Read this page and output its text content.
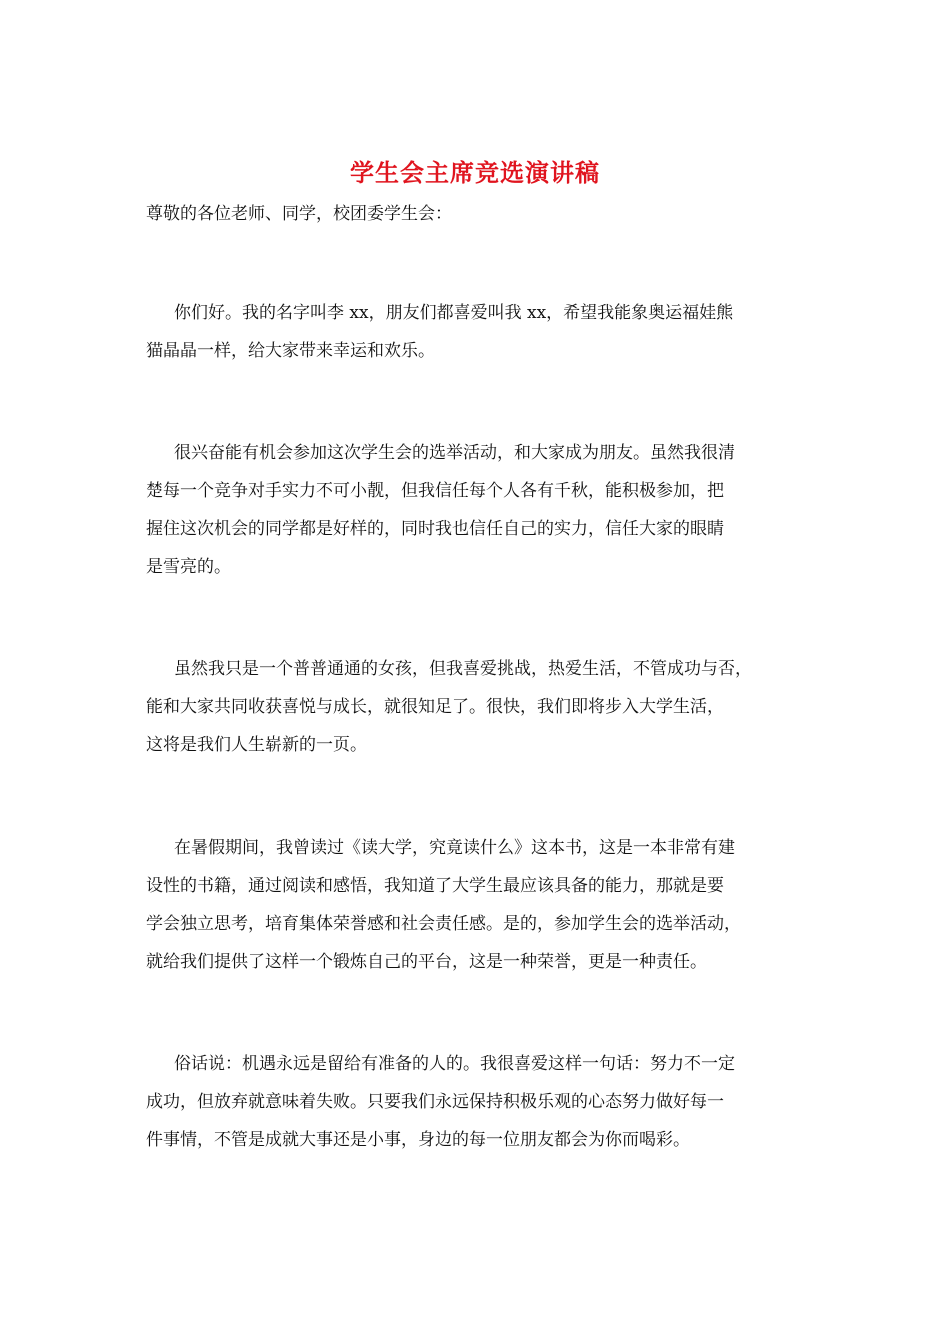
学生会主席竞选演讲稿

尊敬的各位老师、同学，校团委学生会：

你们好。我的名字叫李 xx，朋友们都喜爱叫我 xx，希望我能象奥运福娃熊
猫晶晶一样，给大家带来幸运和欢乐。
很兴奋能有机会参加这次学生会的选举活动，和大家成为朋友。虽然我很清
楚每一个竞争对手实力不可小靓，但我信任每个人各有千秋，能积极参加，把
握住这次机会的同学都是好样的，同时我也信任自己的实力，信任大家的眼睛
是雪亮的。
虽然我只是一个普普通通的女孩，但我喜爱挑战，热爱生活，不管成功与否，
能和大家共同收获喜悦与成长，就很知足了。很快，我们即将步入大学生活，
这将是我们人生崭新的一页。
在暑假期间，我曾读过《读大学，究竟读什么》这本书，这是一本非常有建
设性的书籍，通过阅读和感悟，我知道了大学生最应该具备的能力，那就是要
学会独立思考，培育集体荣誉感和社会责任感。是的，参加学生会的选举活动，
就给我们提供了这样一个锻炼自己的平台，这是一种荣誉，更是一种责任。
俗话说：机遇永远是留给有准备的人的。我很喜爱这样一句话：努力不一定
成功，但放弃就意味着失败。只要我们永远保持积极乐观的心态努力做好每一
件事情，不管是成就大事还是小事，身边的每一位朋友都会为你而喝彩。
